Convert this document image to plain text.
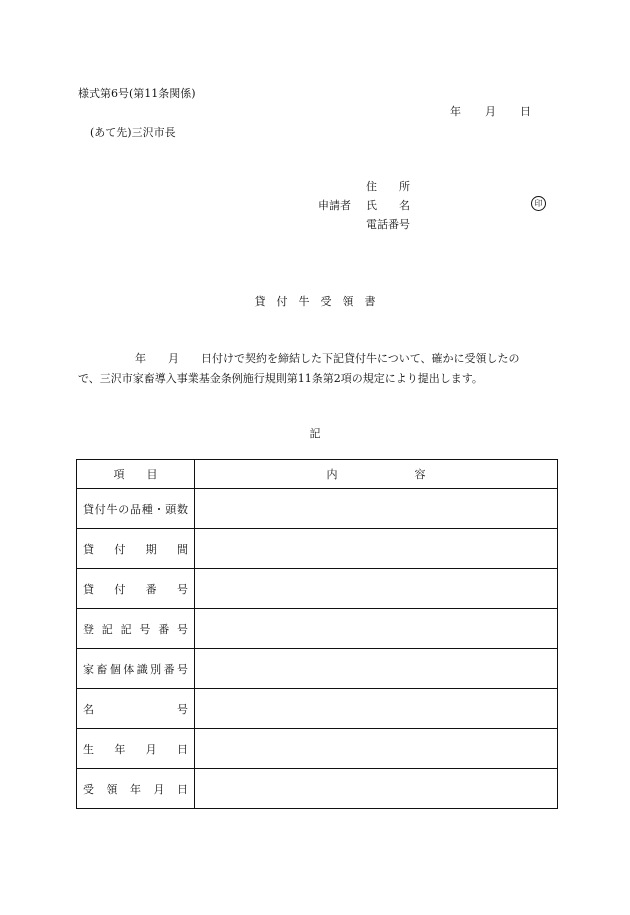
様式第6号(第11条関係)
年 月 日
(あて先)三沢市長
住　　所
申請者 氏　　名
電話番号
印
貸　付　牛　受　領　書
年　　月　　日付けで契約を締結した下記貸付牛について、確かに受領したの
で、三沢市家畜導入事業基金条例施行規則第11条第2項の規定により提出します。
記
項　　目	内　　　　　　　容
貸付牛の品種・頭数	
貸付期間	
貸付番号	
登記記号番号	
家畜個体識別番号	
名号	
生年月日	
受領年月日	
